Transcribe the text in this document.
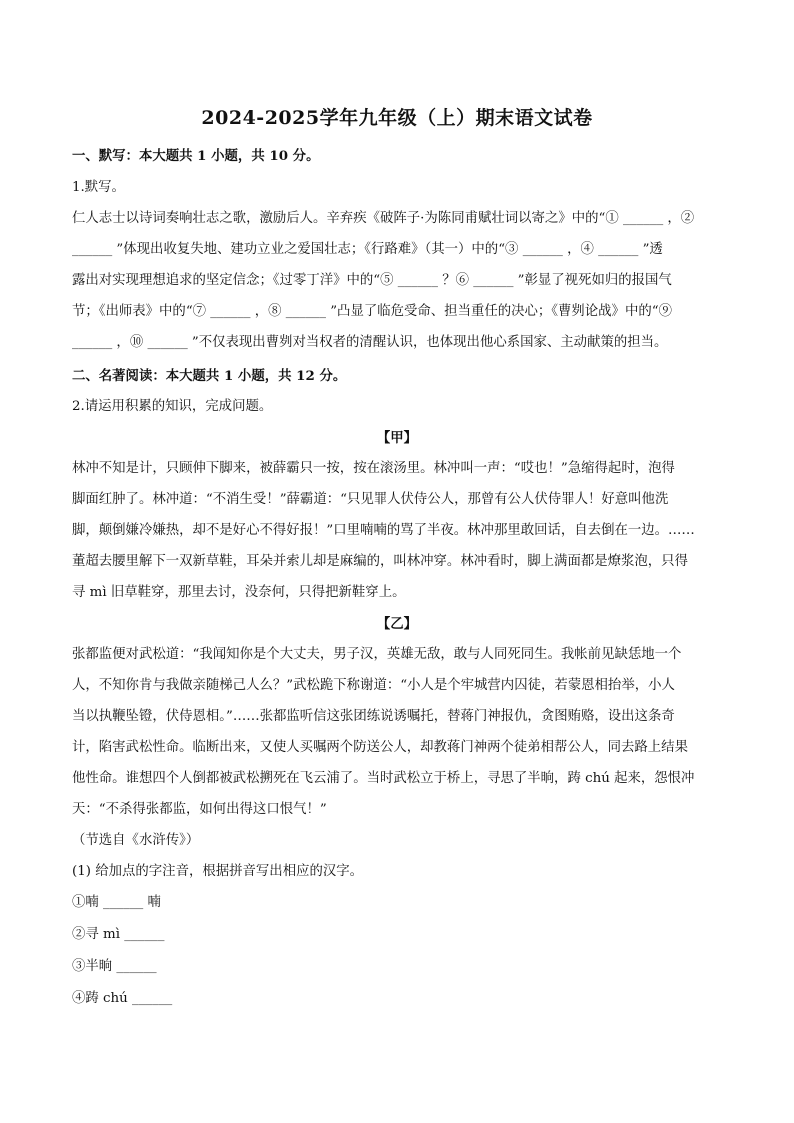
2024-2025学年九年级（上）期末语文试卷
一、默写：本大题共 1 小题，共 10 分。
1.默写。
仁人志士以诗词奏响壮志之歌，激励后人。辛弃疾《破阵子·为陈同甫赋壮词以寄之》中的“① ______ ，②
______ ”体现出收复失地、建功立业之爱国壮志；《行路难》（其一）中的“③ ______ ，④ ______ ”透
露出对实现理想追求的坚定信念；《过零丁洋》中的“⑤ ______ ？⑥ ______ ”彰显了视死如归的报国气
节；《出师表》中的“⑦ ______ ，⑧ ______ ”凸显了临危受命、担当重任的决心；《曹刿论战》中的“⑨
______ ，⑩ ______ ”不仅表现出曹刿对当权者的清醒认识，也体现出他心系国家、主动献策的担当。
二、名著阅读：本大题共 1 小题，共 12 分。
2.请运用积累的知识，完成问题。
【甲】
林冲不知是计，只顾伸下脚来，被薛霸只一按，按在滚汤里。林冲叫一声：“哎也！”急缩得起时，泡得
脚面红肿了。林冲道：“不消生受！”薛霸道：“只见罪人伏侍公人，那曾有公人伏侍罪人！好意叫他洗
脚，颠倒嫌冷嫌热，却不是好心不得好报！”口里喃喃的骂了半夜。林冲那里敢回话，自去倒在一边。……
董超去腰里解下一双新草鞋，耳朵并索儿却是麻编的，叫林冲穿。林冲看时，脚上满面都是燎浆泡，只得
寻 mì 旧草鞋穿，那里去讨，没奈何，只得把新鞋穿上。
【乙】
张都监便对武松道：“我闻知你是个大丈夫，男子汉，英雄无敌，敢与人同死同生。我帐前见缺恁地一个
人，不知你肯与我做亲随梯己人么？”武松跪下称谢道：“小人是个牢城营内囚徒，若蒙恩相抬举，小人
当以执鞭坠镫，伏侍恩相。”……张都监听信这张团练说诱嘱托，替蒋门神报仇，贪图贿赂，设出这条奇
计，陷害武松性命。临断出来，又使人买嘱两个防送公人，却教蒋门神两个徒弟相帮公人，同去路上结果
他性命。谁想四个人倒都被武松搠死在飞云浦了。当时武松立于桥上，寻思了半晌，踌 chú 起来，怨恨冲
天：“不杀得张都监，如何出得这口恨气！”
（节选自《水浒传》）
(1) 给加点的字注音，根据拼音写出相应的汉字。
①喃 ______ 喃
②寻 mì ______
③半晌 ______
④踌 chú ______
